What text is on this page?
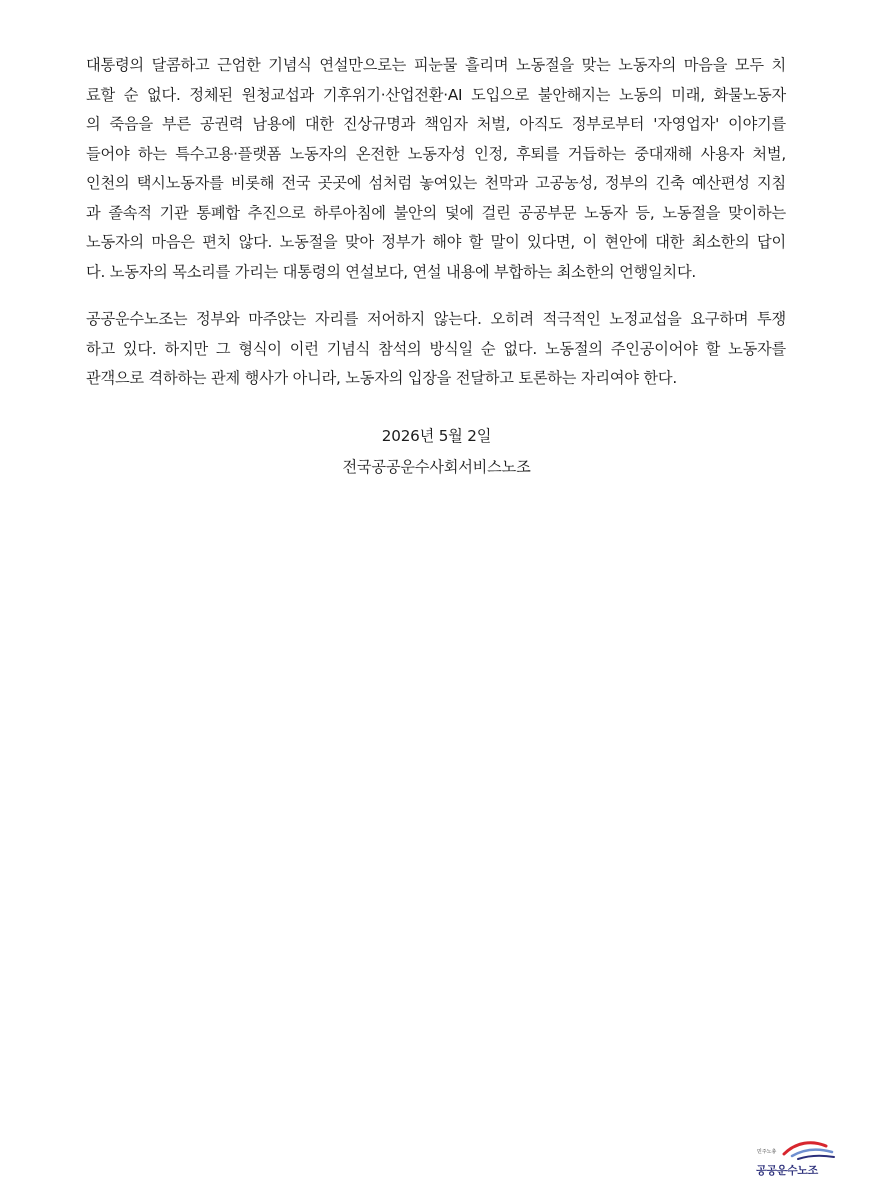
대통령의 달콤하고 근엄한 기념식 연설만으로는 피눈물 흘리며 노동절을 맞는 노동자의 마음을 모두 치
료할 순 없다. 정체된 원청교섭과 기후위기·산업전환·AI 도입으로 불안해지는 노동의 미래, 화물노동자
의 죽음을 부른 공권력 남용에 대한 진상규명과 책임자 처벌, 아직도 정부로부터 '자영업자' 이야기를
들어야 하는 특수고용·플랫폼 노동자의 온전한 노동자성 인정, 후퇴를 거듭하는 중대재해 사용자 처벌,
인천의 택시노동자를 비롯해 전국 곳곳에 섬처럼 놓여있는 천막과 고공농성, 정부의 긴축 예산편성 지침
과 졸속적 기관 통폐합 추진으로 하루아침에 불안의 덫에 걸린 공공부문 노동자 등, 노동절을 맞이하는
노동자의 마음은 편치 않다. 노동절을 맞아 정부가 해야 할 말이 있다면, 이 현안에 대한 최소한의 답이
다. 노동자의 목소리를 가리는 대통령의 연설보다, 연설 내용에 부합하는 최소한의 언행일치다.
공공운수노조는 정부와 마주앉는 자리를 저어하지 않는다. 오히려 적극적인 노정교섭을 요구하며 투쟁
하고 있다. 하지만 그 형식이 이런 기념식 참석의 방식일 순 없다. 노동절의 주인공이어야 할 노동자를
관객으로 격하하는 관제 행사가 아니라, 노동자의 입장을 전달하고 토론하는 자리여야 한다.
2026년 5월 2일
전국공공운수사회서비스노조
민주노총
공공운수노조
